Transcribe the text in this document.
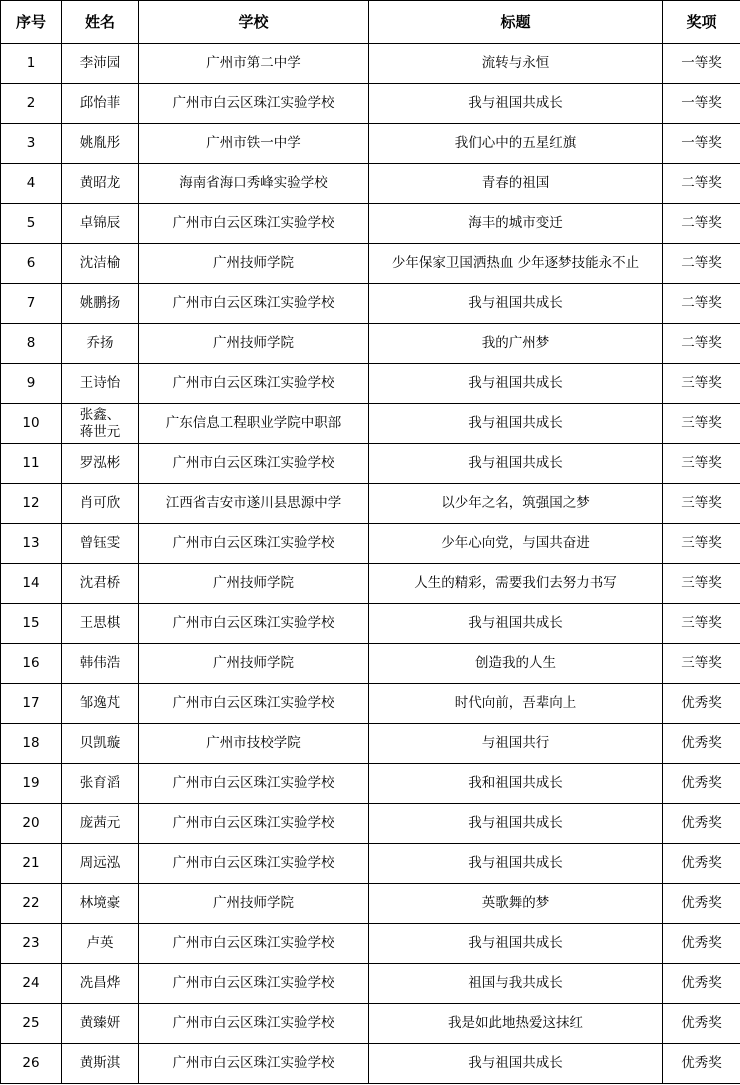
序号	姓名	学校	标题	奖项
1	李沛园	广州市第二中学	流转与永恒	一等奖
2	邱怡菲	广州市白云区珠江实验学校	我与祖国共成长	一等奖
3	姚胤彤	广州市铁一中学	我们心中的五星红旗	一等奖
4	黄昭龙	海南省海口秀峰实验学校	青春的祖国	二等奖
5	卓锦辰	广州市白云区珠江实验学校	海丰的城市变迁	二等奖
6	沈洁榆	广州技师学院	少年保家卫国洒热血 少年逐梦技能永不止	二等奖
7	姚鹏扬	广州市白云区珠江实验学校	我与祖国共成长	二等奖
8	乔扬	广州技师学院	我的广州梦	二等奖
9	王诗怡	广州市白云区珠江实验学校	我与祖国共成长	三等奖
10	张鑫、蒋世元	广东信息工程职业学院中职部	我与祖国共成长	三等奖
11	罗泓彬	广州市白云区珠江实验学校	我与祖国共成长	三等奖
12	肖可欣	江西省吉安市遂川县思源中学	以少年之名，筑强国之梦	三等奖
13	曾钰雯	广州市白云区珠江实验学校	少年心向党，与国共奋进	三等奖
14	沈君桥	广州技师学院	人生的精彩，需要我们去努力书写	三等奖
15	王思棋	广州市白云区珠江实验学校	我与祖国共成长	三等奖
16	韩伟浩	广州技师学院	创造我的人生	三等奖
17	邹逸芃	广州市白云区珠江实验学校	时代向前，吾辈向上	优秀奖
18	贝凯璇	广州市技校学院	与祖国共行	优秀奖
19	张育滔	广州市白云区珠江实验学校	我和祖国共成长	优秀奖
20	庞茜元	广州市白云区珠江实验学校	我与祖国共成长	优秀奖
21	周远泓	广州市白云区珠江实验学校	我与祖国共成长	优秀奖
22	林境豪	广州技师学院	英歌舞的梦	优秀奖
23	卢英	广州市白云区珠江实验学校	我与祖国共成长	优秀奖
24	冼昌烨	广州市白云区珠江实验学校	祖国与我共成长	优秀奖
25	黄臻妍	广州市白云区珠江实验学校	我是如此地热爱这抹红	优秀奖
26	黄斯淇	广州市白云区珠江实验学校	我与祖国共成长	优秀奖
